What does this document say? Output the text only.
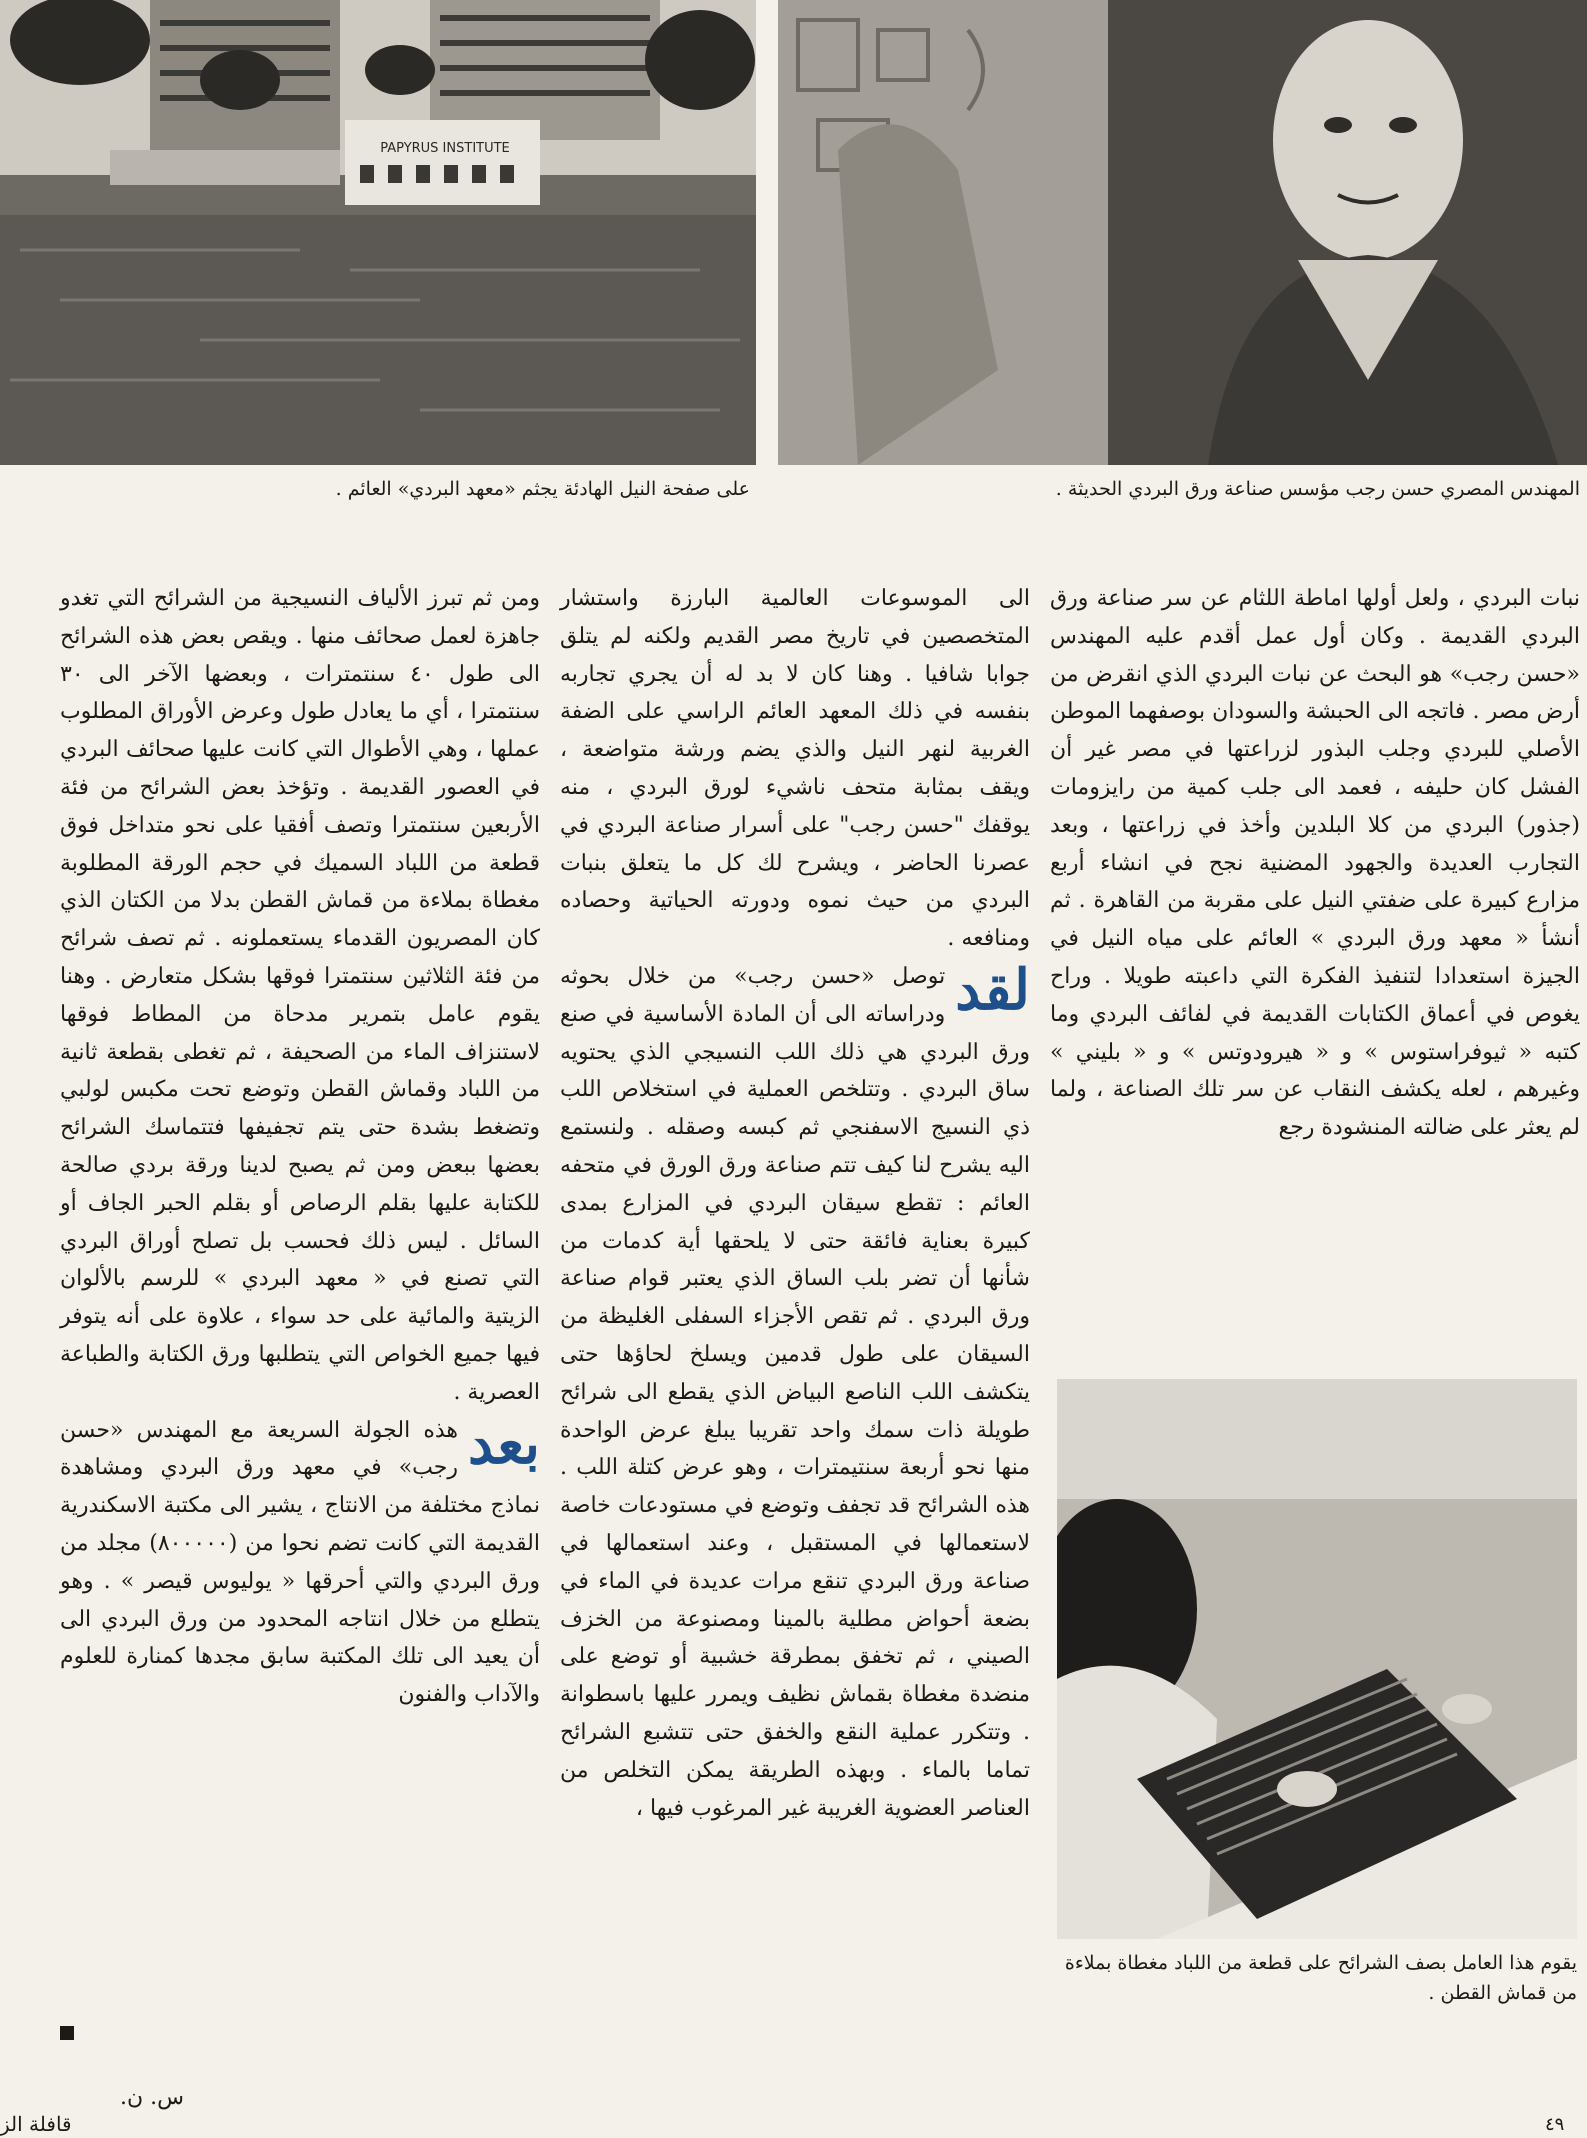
PAPYRUS INSTITUTE
على صفحة النيل الهادئة يجثم «معهد البردي» العائم .	المهندس المصري حسن رجب مؤسس صناعة ورق البردي الحديثة .

نبات البردي ، ولعل أولها اماطة اللثام عن سر صناعة ورق البردي القديمة . وكان أول عمل أقدم عليه المهندس «حسن رجب» هو البحث عن نبات البردي الذي انقرض من أرض مصر . فاتجه الى الحبشة والسودان بوصفهما الموطن الأصلي للبردي وجلب البذور لزراعتها في مصر غير أن الفشل كان حليفه ، فعمد الى جلب كمية من رايزومات (جذور) البردي من كلا البلدين وأخذ في زراعتها ، وبعد التجارب العديدة والجهود المضنية نجح في انشاء أربع مزارع كبيرة على ضفتي النيل على مقربة من القاهرة . ثم أنشأ « معهد ورق البردي » العائم على مياه النيل في الجيزة استعدادا لتنفيذ الفكرة التي داعبته طويلا . وراح يغوص في أعماق الكتابات القديمة في لفائف البردي وما كتبه « ثيوفراستوس » و « هيرودوتس » و « بليني » وغيرهم ، لعله يكشف النقاب عن سر تلك الصناعة ، ولما لم يعثر على ضالته المنشودة رجع

الى الموسوعات العالمية البارزة واستشار المتخصصين في تاريخ مصر القديم ولكنه لم يتلق جوابا شافيا . وهنا كان لا بد له أن يجري تجاربه بنفسه في ذلك المعهد العائم الراسي على الضفة الغربية لنهر النيل والذي يضم ورشة متواضعة ، ويقف بمثابة متحف ناشيء لورق البردي ، منه يوقفك "حسن رجب" على أسرار صناعة البردي في عصرنا الحاضر ، ويشرح لك كل ما يتعلق بنبات البردي من حيث نموه ودورته الحياتية وحصاده ومنافعه .

لقد
توصل «حسن رجب» من خلال بحوثه ودراساته الى أن المادة الأساسية في صنع ورق البردي هي ذلك اللب النسيجي الذي يحتويه ساق البردي . وتتلخص العملية في استخلاص اللب ذي النسيج الاسفنجي ثم كبسه وصقله . ولنستمع اليه يشرح لنا كيف تتم صناعة ورق الورق في متحفه العائم : تقطع سيقان البردي في المزارع بمدى كبيرة بعناية فائقة حتى لا يلحقها أية كدمات من شأنها أن تضر بلب الساق الذي يعتبر قوام صناعة ورق البردي . ثم تقص الأجزاء السفلى الغليظة من السيقان على طول قدمين ويسلخ لحاؤها حتى يتكشف اللب الناصع البياض الذي يقطع الى شرائح طويلة ذات سمك واحد تقريبا يبلغ عرض الواحدة منها نحو أربعة سنتيمترات ، وهو عرض كتلة اللب . هذه الشرائح قد تجفف وتوضع في مستودعات خاصة لاستعمالها في المستقبل ، وعند استعمالها في صناعة ورق البردي تنقع مرات عديدة في الماء في بضعة أحواض مطلية بالمينا ومصنوعة من الخزف الصيني ، ثم تخفق بمطرقة خشبية أو توضع على منضدة مغطاة بقماش نظيف ويمرر عليها باسطوانة . وتتكرر عملية النقع والخفق حتى تتشبع الشرائح تماما بالماء . وبهذه الطريقة يمكن التخلص من العناصر العضوية الغريبة غير المرغوب فيها ،

ومن ثم تبرز الألياف النسيجية من الشرائح التي تغدو جاهزة لعمل صحائف منها . ويقص بعض هذه الشرائح الى طول ٤٠ سنتمترات ، وبعضها الآخر الى ٣٠ سنتمترا ، أي ما يعادل طول وعرض الأوراق المطلوب عملها ، وهي الأطوال التي كانت عليها صحائف البردي في العصور القديمة . وتؤخذ بعض الشرائح من فئة الأربعين سنتمترا وتصف أفقيا على نحو متداخل فوق قطعة من اللباد السميك في حجم الورقة المطلوبة مغطاة بملاءة من قماش القطن بدلا من الكتان الذي كان المصريون القدماء يستعملونه . ثم تصف شرائح من فئة الثلاثين سنتمترا فوقها بشكل متعارض . وهنا يقوم عامل بتمرير مدحاة من المطاط فوقها لاستنزاف الماء من الصحيفة ، ثم تغطى بقطعة ثانية من اللباد وقماش القطن وتوضع تحت مكبس لولبي وتضغط بشدة حتى يتم تجفيفها فتتماسك الشرائح بعضها ببعض ومن ثم يصبح لدينا ورقة بردي صالحة للكتابة عليها بقلم الرصاص أو بقلم الحبر الجاف أو السائل . ليس ذلك فحسب بل تصلح أوراق البردي التي تصنع في « معهد البردي » للرسم بالألوان الزيتية والمائية على حد سواء ، علاوة على أنه يتوفر فيها جميع الخواص التي يتطلبها ورق الكتابة والطباعة العصرية .

بعد
هذه الجولة السريعة مع المهندس «حسن رجب» في معهد ورق البردي ومشاهدة نماذج مختلفة من الانتاج ، يشير الى مكتبة الاسكندرية القديمة التي كانت تضم نحوا من (٨٠٠٠٠٠) مجلد من ورق البردي والتي أحرقها « يوليوس قيصر » . وهو يتطلع من خلال انتاجه المحدود من ورق البردي الى أن يعيد الى تلك المكتبة سابق مجدها كمنارة للعلوم والآداب والفنون

يقوم هذا العامل بصف الشرائح على قطعة من اللباد مغطاة بملاءة من قماش القطن .
س. ن.
٤٩
قافلة الز
